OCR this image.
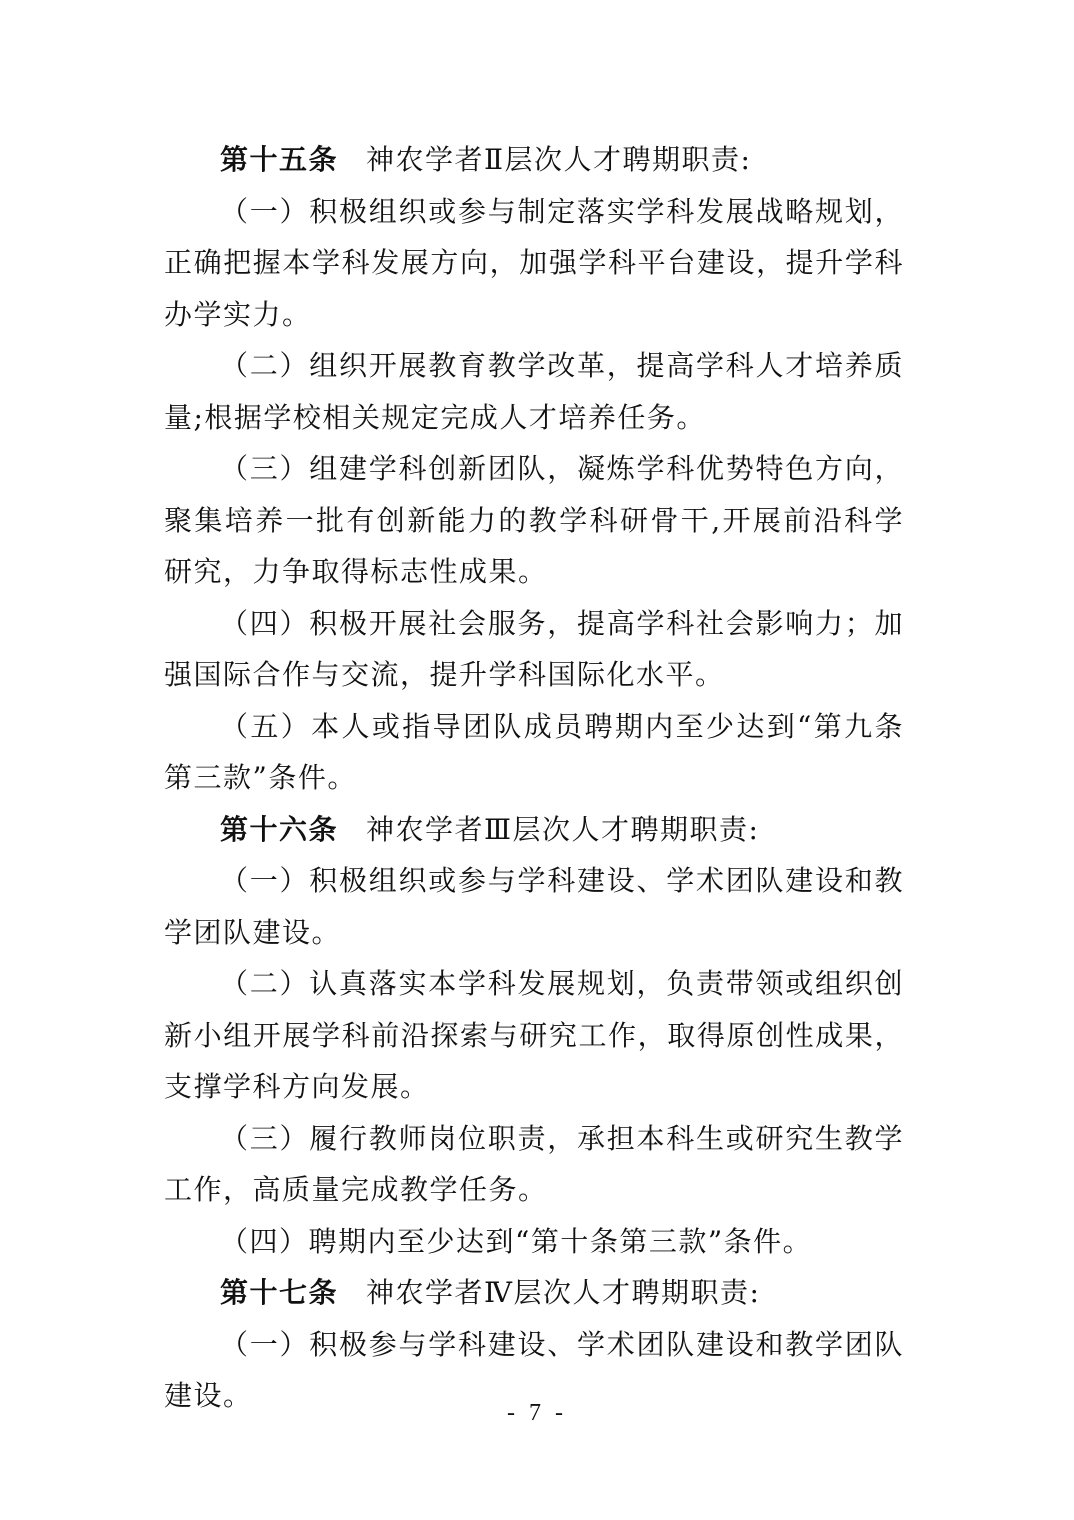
第十五条 神农学者Ⅱ层次人才聘期职责:

（一）积极组织或参与制定落实学科发展战略规划，正确把握本学科发展方向，加强学科平台建设，提升学科办学实力。

（二）组织开展教育教学改革，提高学科人才培养质量;根据学校相关规定完成人才培养任务。

（三）组建学科创新团队，凝炼学科优势特色方向，聚集培养一批有创新能力的教学科研骨干,开展前沿科学研究，力争取得标志性成果。

（四）积极开展社会服务，提高学科社会影响力；加强国际合作与交流，提升学科国际化水平。

（五）本人或指导团队成员聘期内至少达到“第九条第三款”条件。

第十六条 神农学者Ⅲ层次人才聘期职责:

（一）积极组织或参与学科建设、学术团队建设和教学团队建设。

（二）认真落实本学科发展规划，负责带领或组织创新小组开展学科前沿探索与研究工作，取得原创性成果，支撑学科方向发展。

（三）履行教师岗位职责，承担本科生或研究生教学工作，高质量完成教学任务。

（四）聘期内至少达到“第十条第三款”条件。

第十七条 神农学者Ⅳ层次人才聘期职责:

（一）积极参与学科建设、学术团队建设和教学团队建设。

- 7 -
